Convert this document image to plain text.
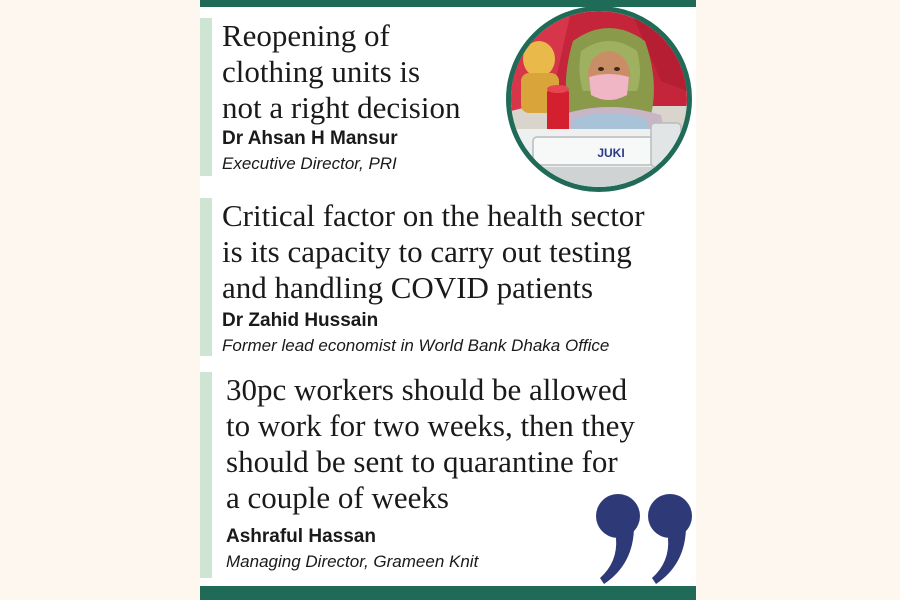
Reopening of
clothing units is
not a right decision
Dr Ahsan H Mansur
Executive Director, PRI
Critical factor on the health sector
is its capacity to carry out testing
and handling COVID patients
Dr Zahid Hussain
Former lead economist in World Bank Dhaka Office
30pc workers should be allowed
to work for two weeks, then they
should be sent to quarantine for
a couple of weeks
Ashraful Hassan
Managing Director, Grameen Knit
JUKI
